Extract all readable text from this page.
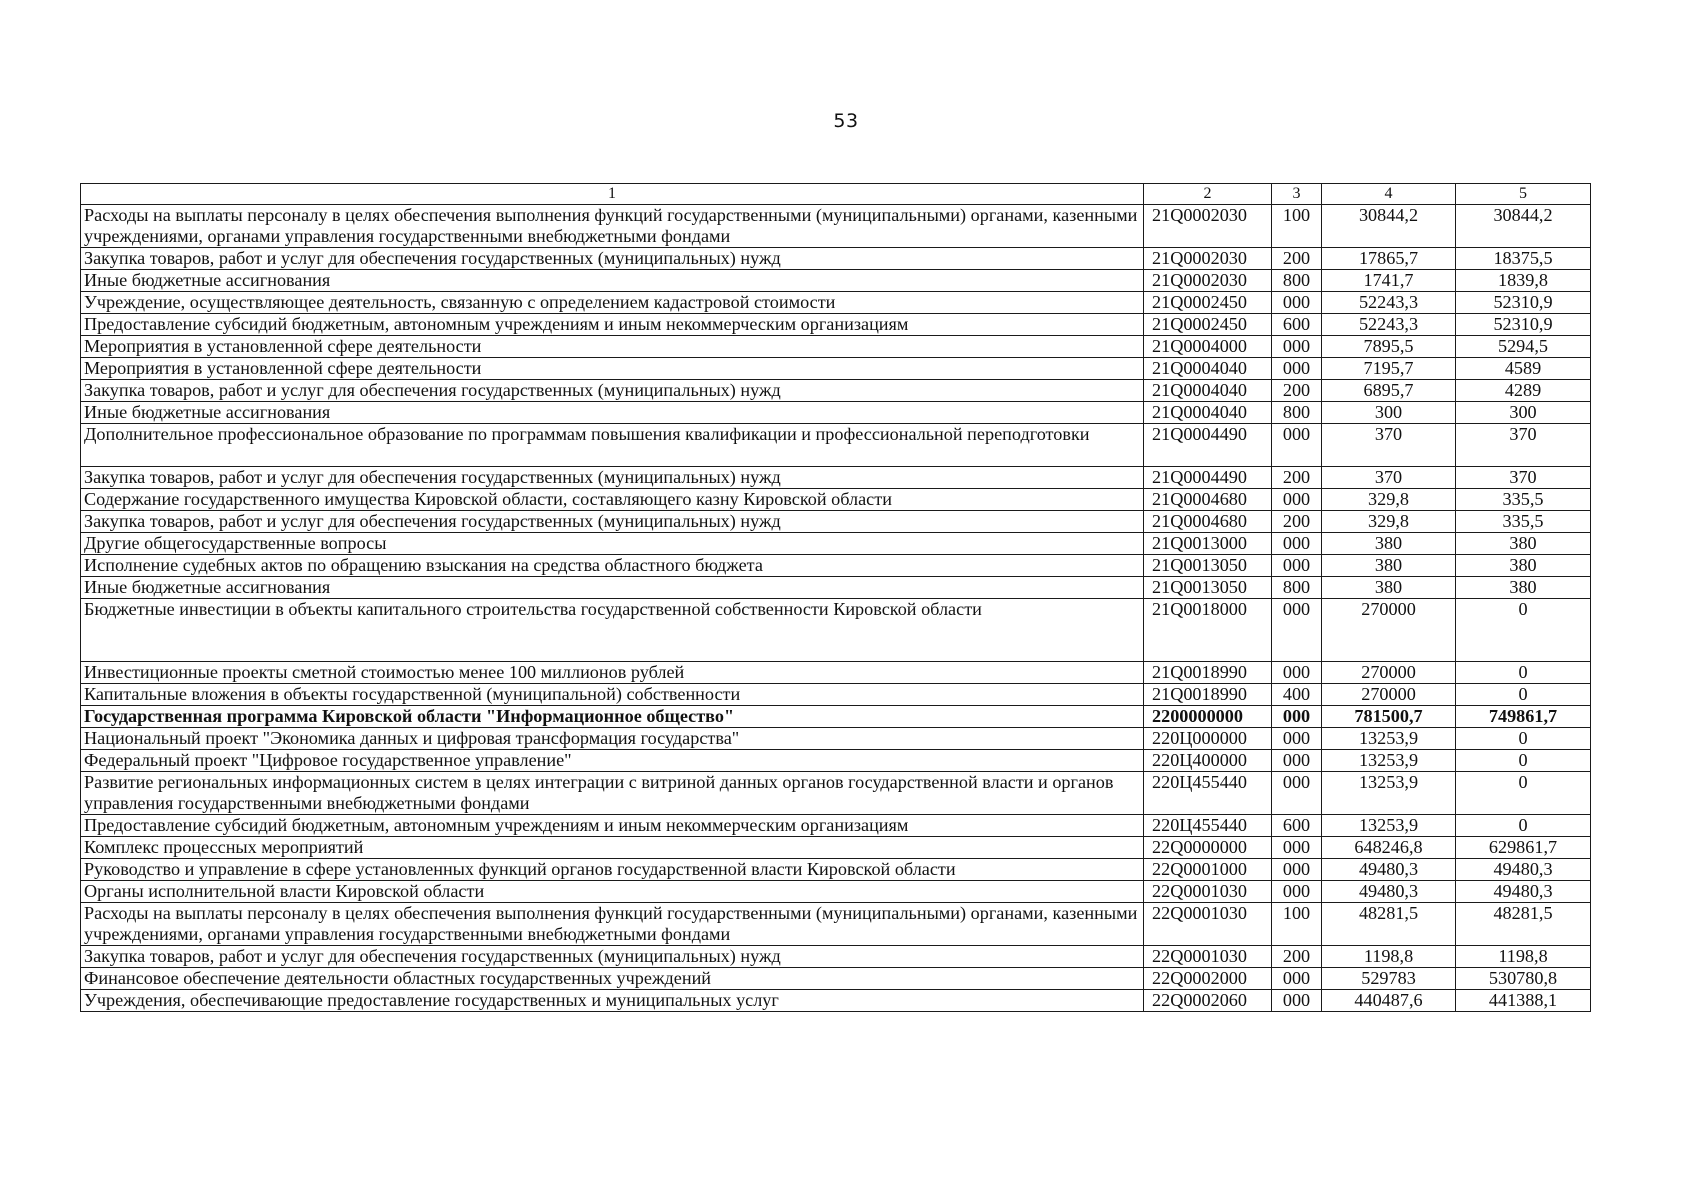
53
1	2	3	4	5
Расходы на выплаты персоналу в целях обеспечения выполнения функций государственными (муниципальными) органами, казенными учреждениями, органами управления государственными внебюджетными фондами	21Q0002030	100	30844,2	30844,2
Закупка товаров, работ и услуг для обеспечения государственных (муниципальных) нужд	21Q0002030	200	17865,7	18375,5
Иные бюджетные ассигнования	21Q0002030	800	1741,7	1839,8
Учреждение, осуществляющее деятельность, связанную с определением кадастровой стоимости	21Q0002450	000	52243,3	52310,9
Предоставление субсидий бюджетным, автономным учреждениям и иным некоммерческим организациям	21Q0002450	600	52243,3	52310,9
Мероприятия в установленной сфере деятельности	21Q0004000	000	7895,5	5294,5
Мероприятия в установленной сфере деятельности	21Q0004040	000	7195,7	4589
Закупка товаров, работ и услуг для обеспечения государственных (муниципальных) нужд	21Q0004040	200	6895,7	4289
Иные бюджетные ассигнования	21Q0004040	800	300	300
Дополнительное профессиональное образование по программам повышения квалификации и профессиональной переподготовки	21Q0004490	000	370	370
Закупка товаров, работ и услуг для обеспечения государственных (муниципальных) нужд	21Q0004490	200	370	370
Содержание государственного имущества Кировской области, составляющего казну Кировской области	21Q0004680	000	329,8	335,5
Закупка товаров, работ и услуг для обеспечения государственных (муниципальных) нужд	21Q0004680	200	329,8	335,5
Другие общегосударственные вопросы	21Q0013000	000	380	380
Исполнение судебных актов по обращению взыскания на средства областного бюджета	21Q0013050	000	380	380
Иные бюджетные ассигнования	21Q0013050	800	380	380
Бюджетные инвестиции в объекты капитального строительства государственной собственности Кировской области	21Q0018000	000	270000	0
Инвестиционные проекты сметной стоимостью менее 100 миллионов рублей	21Q0018990	000	270000	0
Капитальные вложения в объекты государственной (муниципальной) собственности	21Q0018990	400	270000	0
Государственная программа Кировской области "Информационное общество"	2200000000	000	781500,7	749861,7
Национальный проект "Экономика данных и цифровая трансформация государства"	220Ц000000	000	13253,9	0
Федеральный проект "Цифровое государственное управление"	220Ц400000	000	13253,9	0
Развитие региональных информационных систем в целях интеграции с витриной данных органов государственной власти и органов управления государственными внебюджетными фондами	220Ц455440	000	13253,9	0
Предоставление субсидий бюджетным, автономным учреждениям и иным некоммерческим организациям	220Ц455440	600	13253,9	0
Комплекс процессных мероприятий	22Q0000000	000	648246,8	629861,7
Руководство и управление в сфере установленных функций органов государственной власти Кировской области	22Q0001000	000	49480,3	49480,3
Органы исполнительной власти Кировской области	22Q0001030	000	49480,3	49480,3
Расходы на выплаты персоналу в целях обеспечения выполнения функций государственными (муниципальными) органами, казенными учреждениями, органами управления государственными внебюджетными фондами	22Q0001030	100	48281,5	48281,5
Закупка товаров, работ и услуг для обеспечения государственных (муниципальных) нужд	22Q0001030	200	1198,8	1198,8
Финансовое обеспечение деятельности областных государственных учреждений	22Q0002000	000	529783	530780,8
Учреждения, обеспечивающие предоставление государственных и муниципальных услуг	22Q0002060	000	440487,6	441388,1
